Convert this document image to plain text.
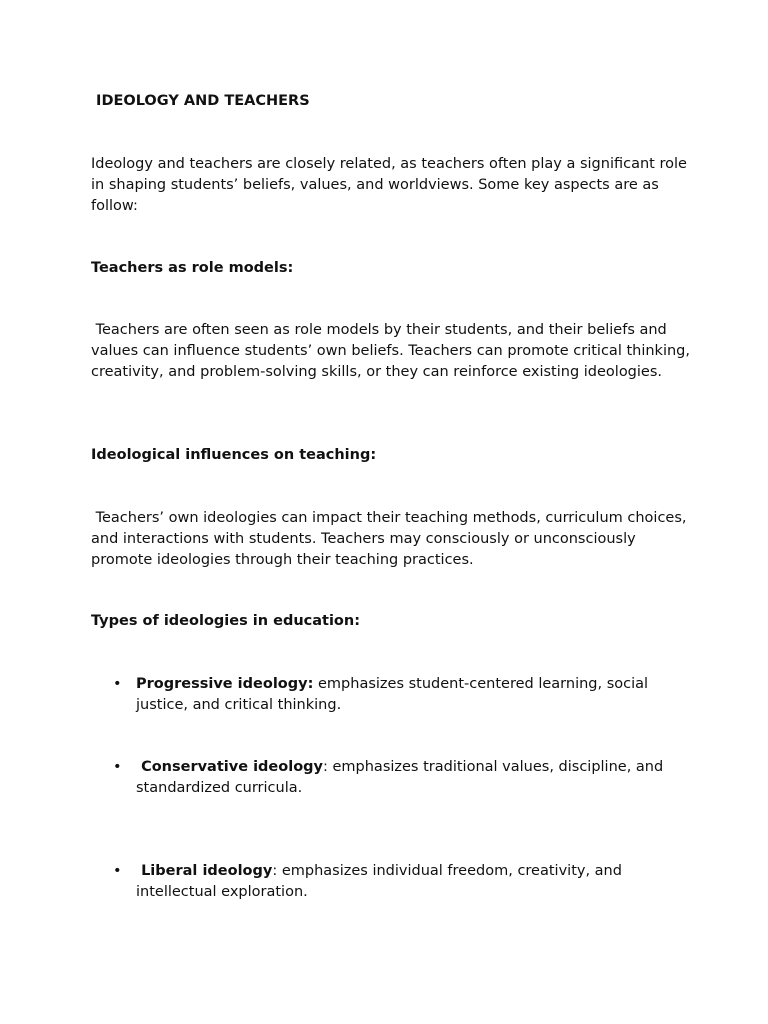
IDEOLOGY AND TEACHERS

Ideology and teachers are closely related, as teachers often play a significant role in shaping students’ beliefs, values, and worldviews. Some key aspects are as follow:

Teachers as role models:

Teachers are often seen as role models by their students, and their beliefs and values can influence students’ own beliefs. Teachers can promote critical thinking, creativity, and problem-solving skills, or they can reinforce existing ideologies.

Ideological influences on teaching:

Teachers’ own ideologies can impact their teaching methods, curriculum choices, and interactions with students. Teachers may consciously or unconsciously promote ideologies through their teaching practices.

Types of ideologies in education:
• Progressive ideology: emphasizes student-centered learning, social justice, and critical thinking.
• Conservative ideology: emphasizes traditional values, discipline, and standardized curricula.
• Liberal ideology: emphasizes individual freedom, creativity, and intellectual exploration.
